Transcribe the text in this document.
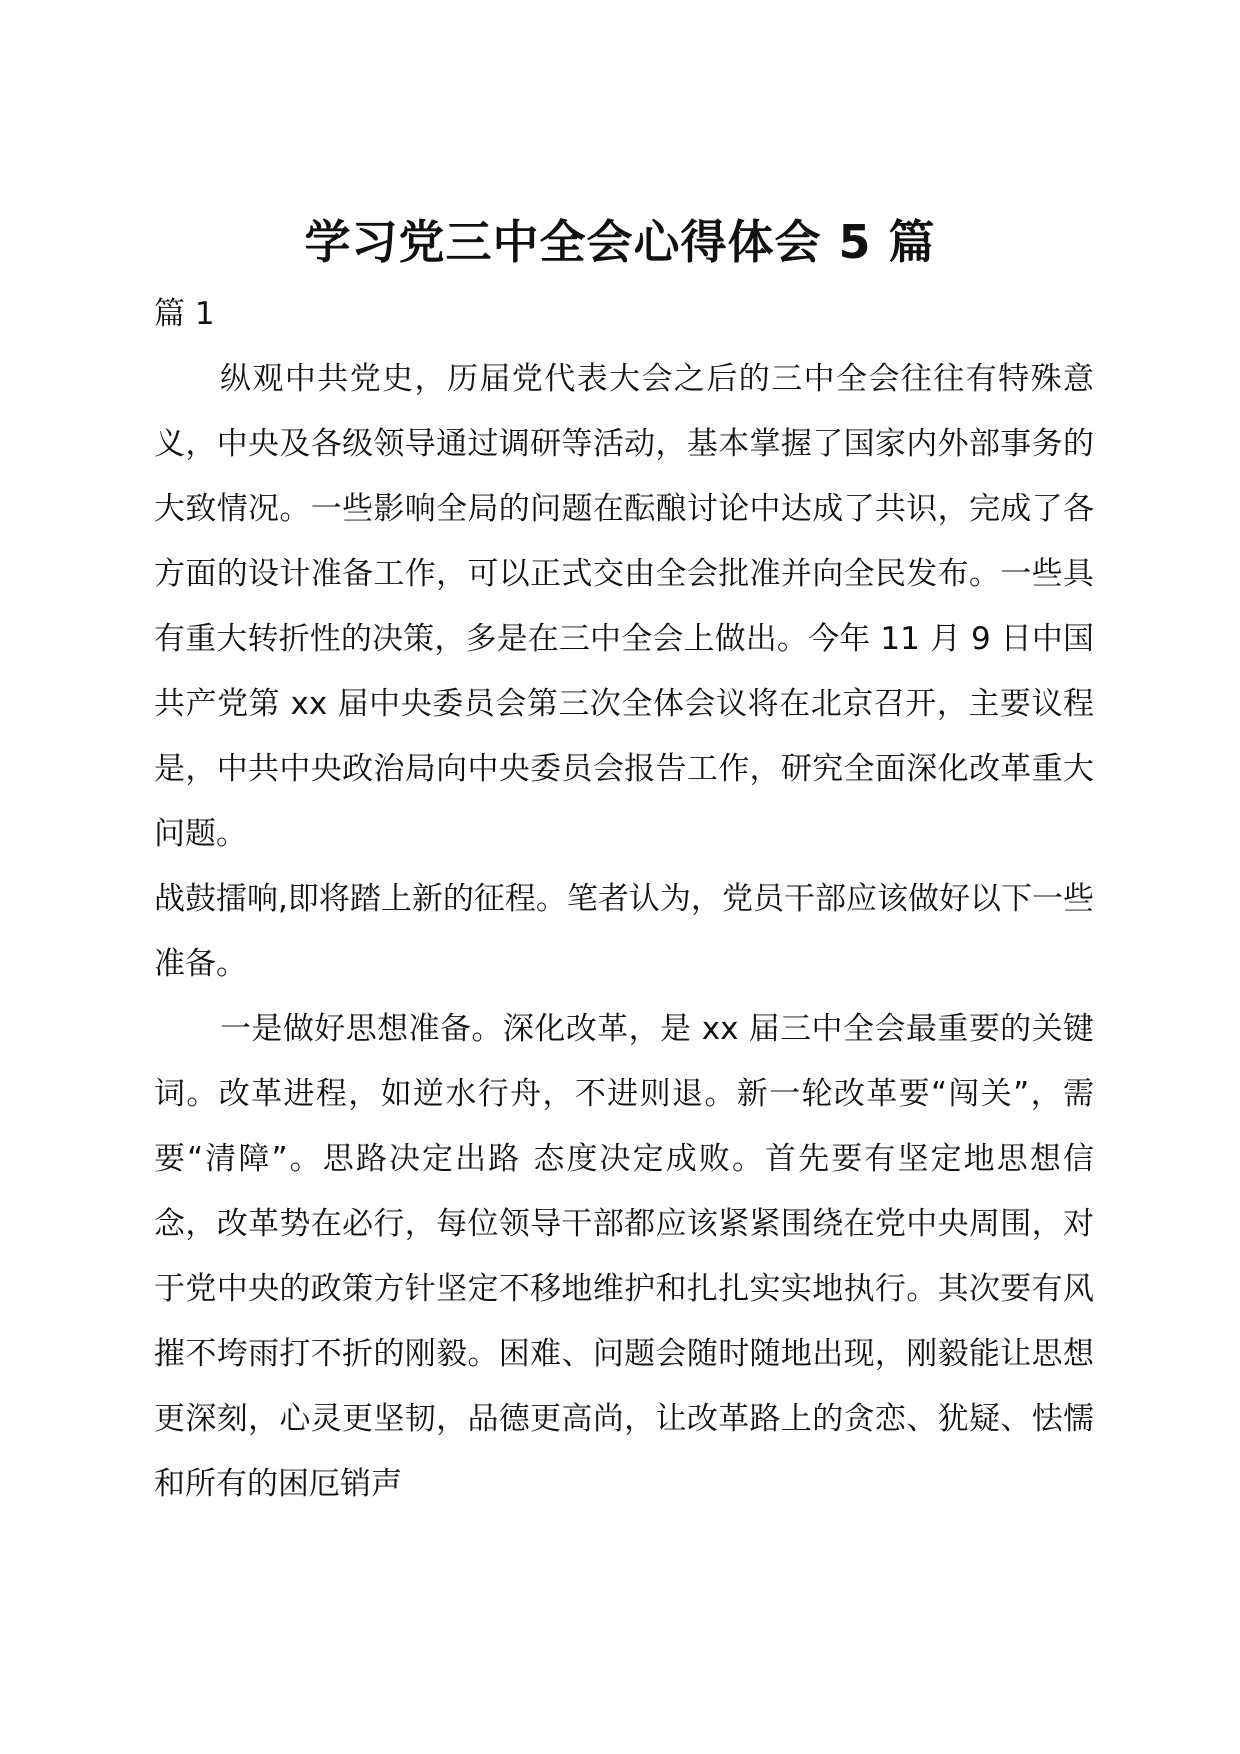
学习党三中全会心得体会 5 篇

篇 1

纵观中共党史，历届党代表大会之后的三中全会往往有特殊意义，中央及各级领导通过调研等活动，基本掌握了国家内外部事务的大致情况。一些影响全局的问题在酝酿讨论中达成了共识，完成了各方面的设计准备工作，可以正式交由全会批准并向全民发布。一些具有重大转折性的决策，多是在三中全会上做出。今年 11 月 9 日中国共产党第 xx 届中央委员会第三次全体会议将在北京召开，主要议程是，中共中央政治局向中央委员会报告工作，研究全面深化改革重大问题。

战鼓擂响,即将踏上新的征程。笔者认为，党员干部应该做好以下一些准备。

一是做好思想准备。深化改革，是 xx 届三中全会最重要的关键词。改革进程，如逆水行舟，不进则退。新一轮改革要“闯关”，需要“清障”。思路决定出路 态度决定成败。首先要有坚定地思想信念，改革势在必行，每位领导干部都应该紧紧围绕在党中央周围，对于党中央的政策方针坚定不移地维护和扎扎实实地执行。其次要有风摧不垮雨打不折的刚毅。困难、问题会随时随地出现，刚毅能让思想更深刻，心灵更坚韧，品德更高尚，让改革路上的贪恋、犹疑、怯懦和所有的困厄销声
